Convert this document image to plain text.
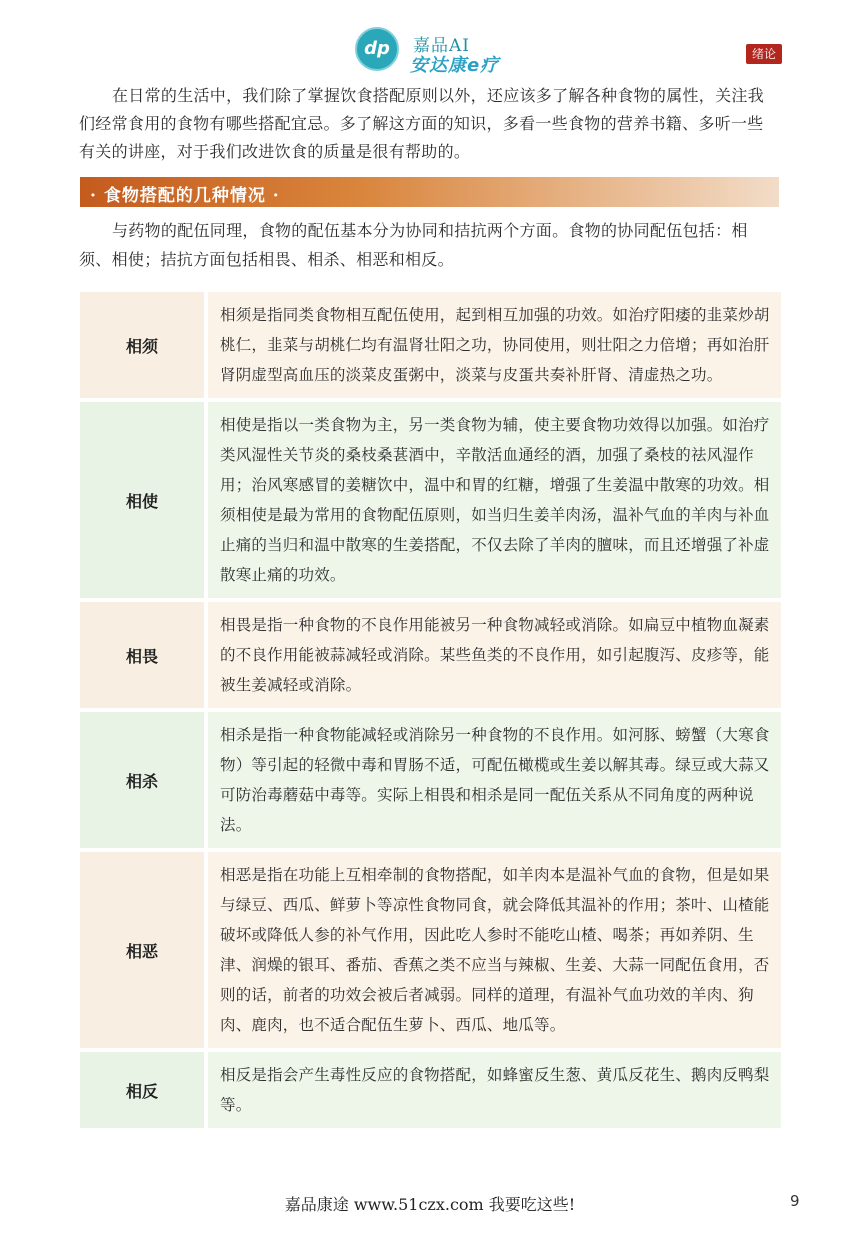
dp 嘉品AI
安达康e疗
绪论

在日常的生活中，我们除了掌握饮食搭配原则以外，还应该多了解各种食物的属性，关注我们经常食用的食物有哪些搭配宜忌。多了解这方面的知识，多看一些食物的营养书籍、多听一些有关的讲座，对于我们改进饮食的质量是很有帮助的。

· 食物搭配的几种情况 ·

与药物的配伍同理，食物的配伍基本分为协同和拮抗两个方面。食物的协同配伍包括：相须、相使；拮抗方面包括相畏、相杀、相恶和相反。

相须
相须是指同类食物相互配伍使用，起到相互加强的功效。如治疗阳痿的韭菜炒胡桃仁，韭菜与胡桃仁均有温肾壮阳之功，协同使用，则壮阳之力倍增；再如治肝肾阴虚型高血压的淡菜皮蛋粥中，淡菜与皮蛋共奏补肝肾、清虚热之功。
相使
相使是指以一类食物为主，另一类食物为辅，使主要食物功效得以加强。如治疗类风湿性关节炎的桑枝桑葚酒中，辛散活血通经的酒，加强了桑枝的祛风湿作用；治风寒感冒的姜糖饮中，温中和胃的红糖，增强了生姜温中散寒的功效。相须相使是最为常用的食物配伍原则，如当归生姜羊肉汤，温补气血的羊肉与补血止痛的当归和温中散寒的生姜搭配，不仅去除了羊肉的膻味，而且还增强了补虚散寒止痛的功效。
相畏
相畏是指一种食物的不良作用能被另一种食物减轻或消除。如扁豆中植物血凝素的不良作用能被蒜减轻或消除。某些鱼类的不良作用，如引起腹泻、皮疹等，能被生姜减轻或消除。
相杀
相杀是指一种食物能减轻或消除另一种食物的不良作用。如河豚、螃蟹（大寒食物）等引起的轻微中毒和胃肠不适，可配伍橄榄或生姜以解其毒。绿豆或大蒜又可防治毒蘑菇中毒等。实际上相畏和相杀是同一配伍关系从不同角度的两种说法。
相恶
相恶是指在功能上互相牵制的食物搭配，如羊肉本是温补气血的食物，但是如果与绿豆、西瓜、鲜萝卜等凉性食物同食，就会降低其温补的作用；茶叶、山楂能破坏或降低人参的补气作用，因此吃人参时不能吃山楂、喝茶；再如养阴、生津、润燥的银耳、番茄、香蕉之类不应当与辣椒、生姜、大蒜一同配伍食用，否则的话，前者的功效会被后者减弱。同样的道理，有温补气血功效的羊肉、狗肉、鹿肉，也不适合配伍生萝卜、西瓜、地瓜等。
相反
相反是指会产生毒性反应的食物搭配，如蜂蜜反生葱、黄瓜反花生、鹅肉反鸭梨等。
嘉品康途 www.51czx.com 我要吃这些!	9
